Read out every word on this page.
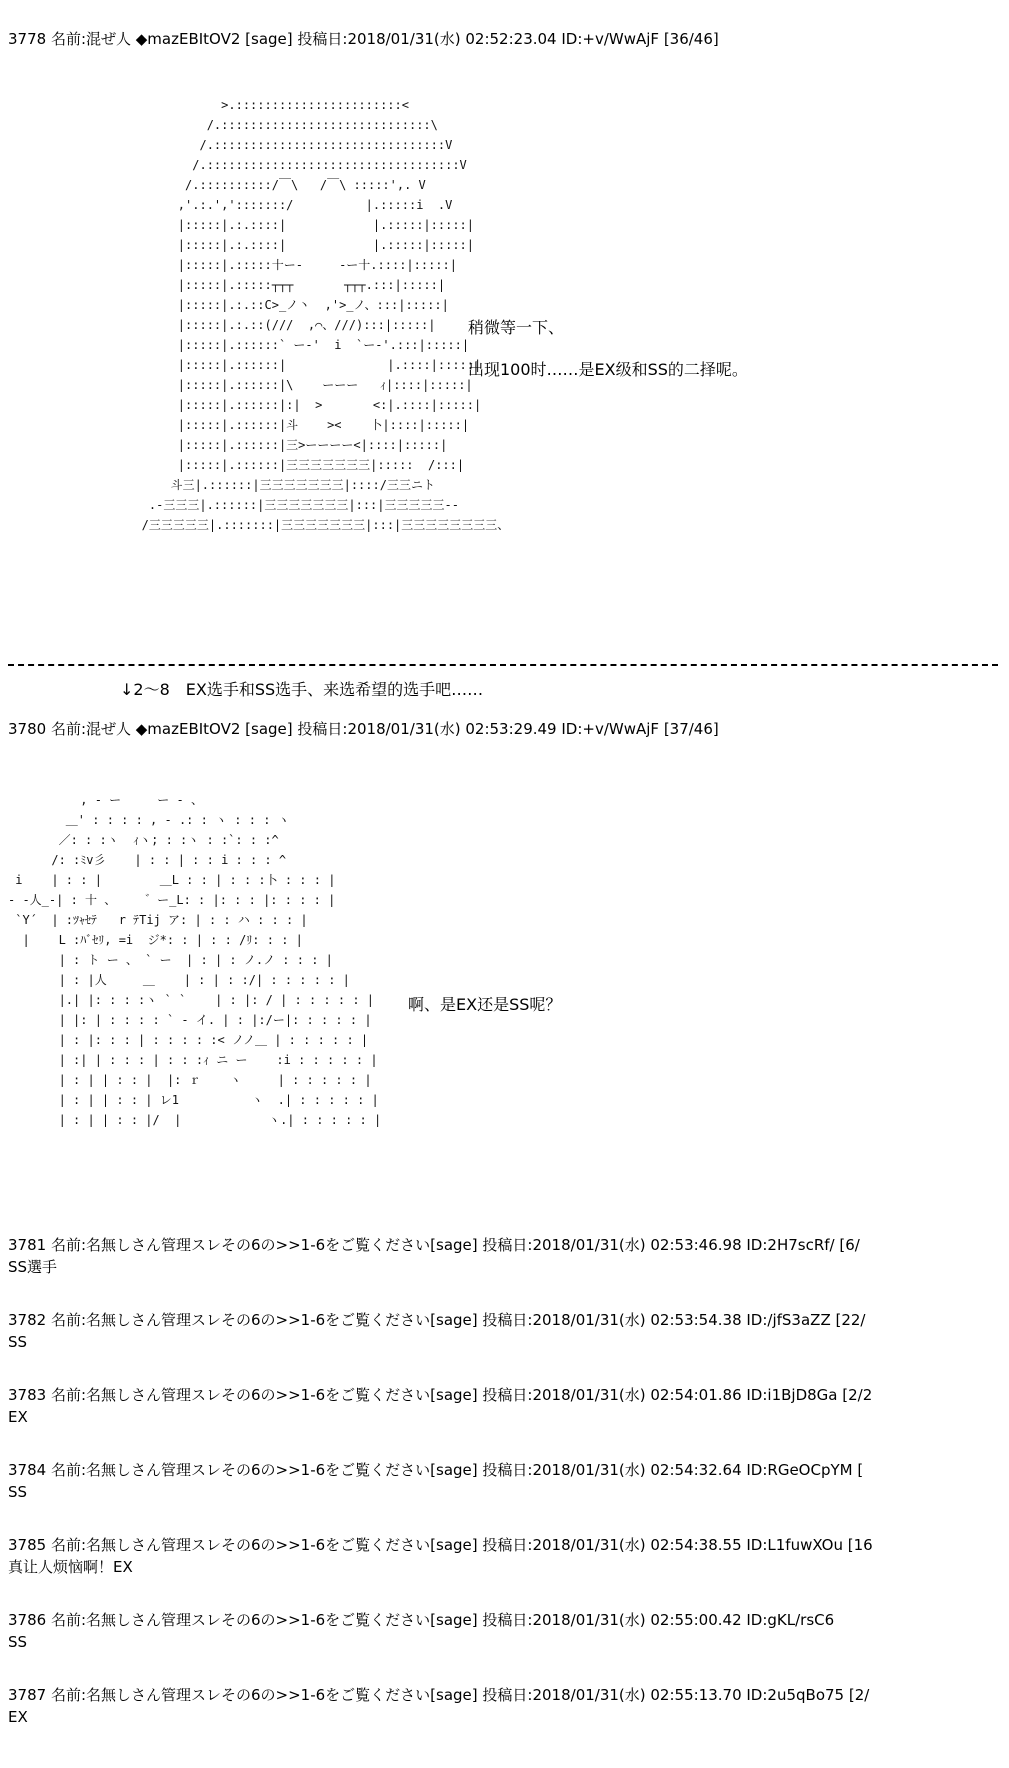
3778 名前:混ぜ人 ◆mazEBItOV2 [sage] 投稿日:2018/01/31(水) 02:52:23.04 ID:+v/WwAjF [36/46]
>.:::::::::::::::::::::::<
/.:::::::::::::::::::::::::::::\
/.::::::::::::::::::::::::::::::::V
/.:::::::::::::::::::::::::::::::::::V
/.::::::::::/￣\   /￣\ :::::',. V
,'.:.',':::::::/          |.:::::i  .V
|:::::|.:.::::|            |.:::::|:::::|
|:::::|.:.::::|            |.:::::|:::::|
|:::::|.:::::十ー-     -ー十.::::|:::::|
|:::::|.:::::┬┬┬       ┬┬┬.:::|:::::|
|:::::|.:.::C>_ノ丶  ,'>_ノ、:::|:::::|
|:::::|.:.::(///  ,⌒、///):::|:::::|
|:::::|.::::::` ー-'  i  `ー-'.:::|:::::|
|:::::|.::::::|              |.::::|:::::|
|:::::|.::::::|\    ーーー   ｨ|::::|:::::|
|:::::|.::::::|:|  >       <:|.::::|:::::|
|:::::|.::::::|斗    ><    卜|::::|:::::|
|:::::|.::::::|三>ーーーー<|::::|:::::|
|:::::|.::::::|三三三三三三三|:::::  /:::|
斗三|.::::::|三三三三三三三|::::/三三ニト
.-三三三|.::::::|三三三三三三三|:::|三三三三三-‐
/三三三三三|.:::::::|三三三三三三三|:::|三三三三三三三三、
稍微等一下、
出现100时……是EX级和SS的二择呢。
↓2～8　EX选手和SS选手、来选希望的选手吧……
3780 名前:混ぜ人 ◆mazEBItOV2 [sage] 投稿日:2018/01/31(水) 02:53:29.49 ID:+v/WwAjF [37/46]
, - ー     ー - 、
＿' : : : : , - .: : ヽ : : : ヽ
／: : :ヽ  ｨヽ; : :ヽ : :`: : :^
/: :ﾐv彡    | : : | : : i : : : ^
i    | : : |        ＿L : : | : : :卜 : : : |
- -人_-| : 十 、    ゛ー_L: : |: : : |: : : : |
`Y´  | :ﾂｬｾﾃ   r ﾃTij ア: | : : ハ : : : |
|    L :ﾊﾞｾﾘ, =i  ジ*: : | : : /ﾘ: : : |
| : ト ー 、 ` ー  | : | : ノ.ノ : : : |
| : |人     ＿    | : | : :/| : : : : : |
|.| |: : : :ヽ ` `    | : |: / | : : : : : |
| |: | : : : : ` - イ. | : |:/ー|: : : : : |
| : |: : : | : : : : :< ノノ＿ | : : : : : |
| :| | : : : | : : :ｨ ニ ー    :i : : : : : |
| : | | : : |  |: ｒ    ヽ     | : : : : : |
| : | | : : | レ1          ヽ  .| : : : : : |
| : | | : : |/  |            ヽ.| : : : : : |
啊、是EX还是SS呢？
3781 名前:名無しさん管理スレその6の>>1-6をご覧ください[sage] 投稿日:2018/01/31(水) 02:53:46.98 ID:2H7scRf/ [6/
SS選手
3782 名前:名無しさん管理スレその6の>>1-6をご覧ください[sage] 投稿日:2018/01/31(水) 02:53:54.38 ID:/jfS3aZZ [22/
SS
3783 名前:名無しさん管理スレその6の>>1-6をご覧ください[sage] 投稿日:2018/01/31(水) 02:54:01.86 ID:i1BjD8Ga [2/2
EX
3784 名前:名無しさん管理スレその6の>>1-6をご覧ください[sage] 投稿日:2018/01/31(水) 02:54:32.64 ID:RGeOCpYM [
SS
3785 名前:名無しさん管理スレその6の>>1-6をご覧ください[sage] 投稿日:2018/01/31(水) 02:54:38.55 ID:L1fuwXOu [16
真让人烦恼啊！EX
3786 名前:名無しさん管理スレその6の>>1-6をご覧ください[sage] 投稿日:2018/01/31(水) 02:55:00.42 ID:gKL/rsC6
SS
3787 名前:名無しさん管理スレその6の>>1-6をご覧ください[sage] 投稿日:2018/01/31(水) 02:55:13.70 ID:2u5qBo75 [2/
EX
